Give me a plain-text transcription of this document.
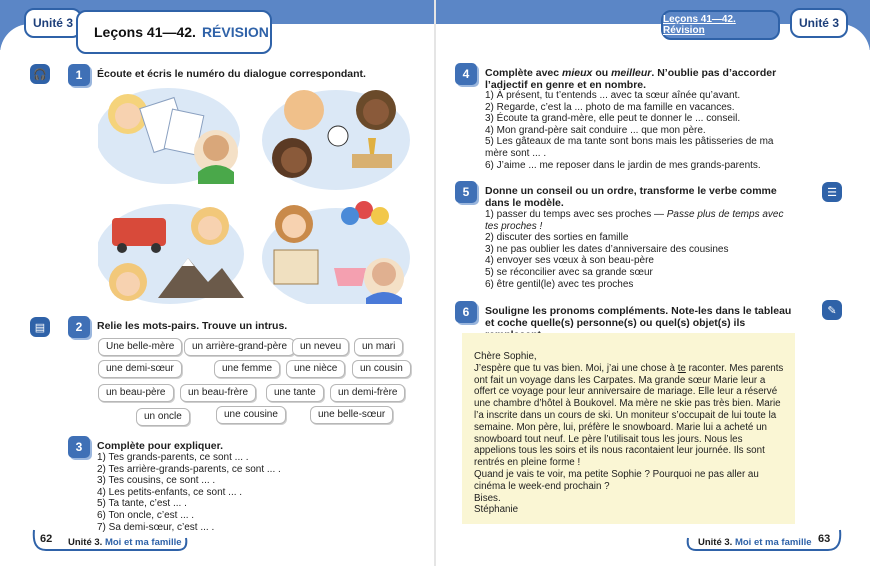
Unité 3
Leçons 41—42. RÉVISION
Leçons 41—42. Révision
Unité 3
🎧
▤
☰
✎
1	Écoute et écris le numéro du dialogue correspondant.
2	Relie les mots-pairs. Trouve un intrus.
Une belle-mère	un arrière-grand-père	un neveu	un mari
une demi-sœur	une femme	une nièce	un cousin
un beau-père	un beau-frère	une tante	un demi-frère
un oncle	une cousine	une belle-sœur
3	Complète pour expliquer.
1) Tes grands-parents, ce sont ... .
2) Tes arrière-grands-parents, ce sont ... .
3) Tes cousins, ce sont ... .
4) Les petits-enfants, ce sont ... .
5) Ta tante, c’est ... .
6) Ton oncle, c’est ... .
7) Sa demi-sœur, c’est ... .
4	Complète avec mieux ou meilleur. N’oublie pas d’accorder l’adjectif en genre et en nombre.
1) À présent, tu t’entends ... avec ta sœur aînée qu’avant.
2) Regarde, c’est la ... photo de ma famille en vacances.
3) Écoute ta grand-mère, elle peut te donner le ... conseil.
4) Mon grand-père sait conduire ... que mon père.
5) Les gâteaux de ma tante sont bons mais les pâtisseries de ma mère sont ... .
6) J’aime ... me reposer dans le jardin de mes grands-parents.
5	Donne un conseil ou un ordre, transforme le verbe comme dans le modèle.
1) passer du temps avec ses proches — Passe plus de temps avec tes proches !
2) discuter des sorties en famille
3) ne pas oublier les dates d’anniversaire des cousines
4) envoyer ses vœux à son beau-père
5) se réconcilier avec sa grande sœur
6) être gentil(le) avec tes proches
6	Souligne les pronoms compléments. Note-les dans le tableau et coche quelle(s) personne(s) ou quel(s) objet(s) ils
Chère Sophie,
J’espère que tu vas bien. Moi, j’ai une chose à te raconter. Mes parents ont fait un voyage dans les Carpates. Ma grande sœur Marie leur a offert ce voyage pour leur anniversaire de mariage. Elle leur a réservé une chambre d’hôtel à Boukovel. Ma mère ne skie pas très bien. Marie l’a inscrite dans un cours de ski. Un moniteur s’occupait de lui toute la semaine. Mon père, lui, préfère le snowboard. Marie lui a acheté un snowboard tout neuf. Le père l’utilisait tous les jours. Nous les appelions tous les soirs et ils nous racontaient leur journée. Ils sont rentrés en pleine forme !
Quand je vais te voir, ma petite Sophie ? Pourquoi ne pas aller au cinéma le week-end prochain ?
Bises.
Stéphanie
62 Unité 3. Moi et ma famille	Unité 3. Moi et ma famille 63
